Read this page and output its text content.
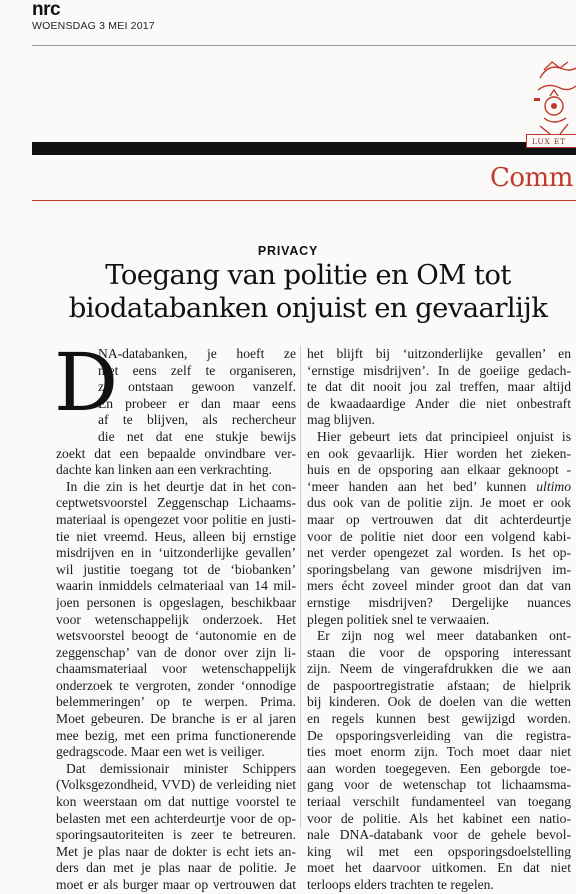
nrc
WOENSDAG 3 MEI 2017
LUX ET
Comm
PRIVACY
Toegang van politie en OM tot
biodatabanken onjuist en gevaarlijk
D
NA-databanken, je hoeft ze
niet eens zelf te organiseren,
ze ontstaan gewoon vanzelf.
En probeer er dan maar eens
af te blijven, als rechercheur
die net dat ene stukje bewijs
zoekt dat een bepaalde onvindbare ver-
dachte kan linken aan een verkrachting.
In die zin is het deurtje dat in het con-
ceptwetsvoorstel Zeggenschap Lichaams-
materiaal is opengezet voor politie en justi-
tie niet vreemd. Heus, alleen bij ernstige
misdrijven en in ‘uitzonderlijke gevallen’
wil justitie toegang tot de ‘biobanken’
waarin inmiddels celmateriaal van 14 mil-
joen personen is opgeslagen, beschikbaar
voor wetenschappelijk onderzoek. Het
wetsvoorstel beoogt de ‘autonomie en de
zeggenschap’ van de donor over zijn li-
chaamsmateriaal voor wetenschappelijk
onderzoek te vergroten, zonder ‘onnodige
belemmeringen’ op te werpen. Prima.
Moet gebeuren. De branche is er al jaren
mee bezig, met een prima functionerende
gedragscode. Maar een wet is veiliger.
Dat demissionair minister Schippers
(Volksgezondheid, VVD) de verleiding niet
kon weerstaan om dat nuttige voorstel te
belasten met een achterdeurtje voor de op-
sporingsautoriteiten is zeer te betreuren.
Met je plas naar de dokter is echt iets an-
ders dan met je plas naar de politie. Je
moet er als burger maar op vertrouwen dat
het blijft bij ‘uitzonderlijke gevallen’ en
‘ernstige misdrijven’. In de goeiige gedach-
te dat dit nooit jou zal treffen, maar altijd
de kwaadaardige Ander die niet onbestraft
mag blijven.
Hier gebeurt iets dat principieel onjuist is
en ook gevaarlijk. Hier worden het zieken-
huis en de opsporing aan elkaar geknoopt -
‘meer handen aan het bed’ kunnen ultimo
dus ook van de politie zijn. Je moet er ook
maar op vertrouwen dat dit achterdeurtje
voor de politie niet door een volgend kabi-
net verder opengezet zal worden. Is het op-
sporingsbelang van gewone misdrijven im-
mers écht zoveel minder groot dan dat van
ernstige misdrijven? Dergelijke nuances
plegen politiek snel te verwaaien.
Er zijn nog wel meer databanken ont-
staan die voor de opsporing interessant
zijn. Neem de vingerafdrukken die we aan
de paspoortregistratie afstaan; de hielprik
bij kinderen. Ook de doelen van die wetten
en regels kunnen best gewijzigd worden.
De opsporingsverleiding van die registra-
ties moet enorm zijn. Toch moet daar niet
aan worden toegegeven. Een geborgde toe-
gang voor de wetenschap tot lichaamsma-
teriaal verschilt fundamenteel van toegang
voor de politie. Als het kabinet een natio-
nale DNA-databank voor de gehele bevol-
king wil met een opsporingsdoelstelling
moet het daarvoor uitkomen. En dat niet
terloops elders trachten te regelen.
